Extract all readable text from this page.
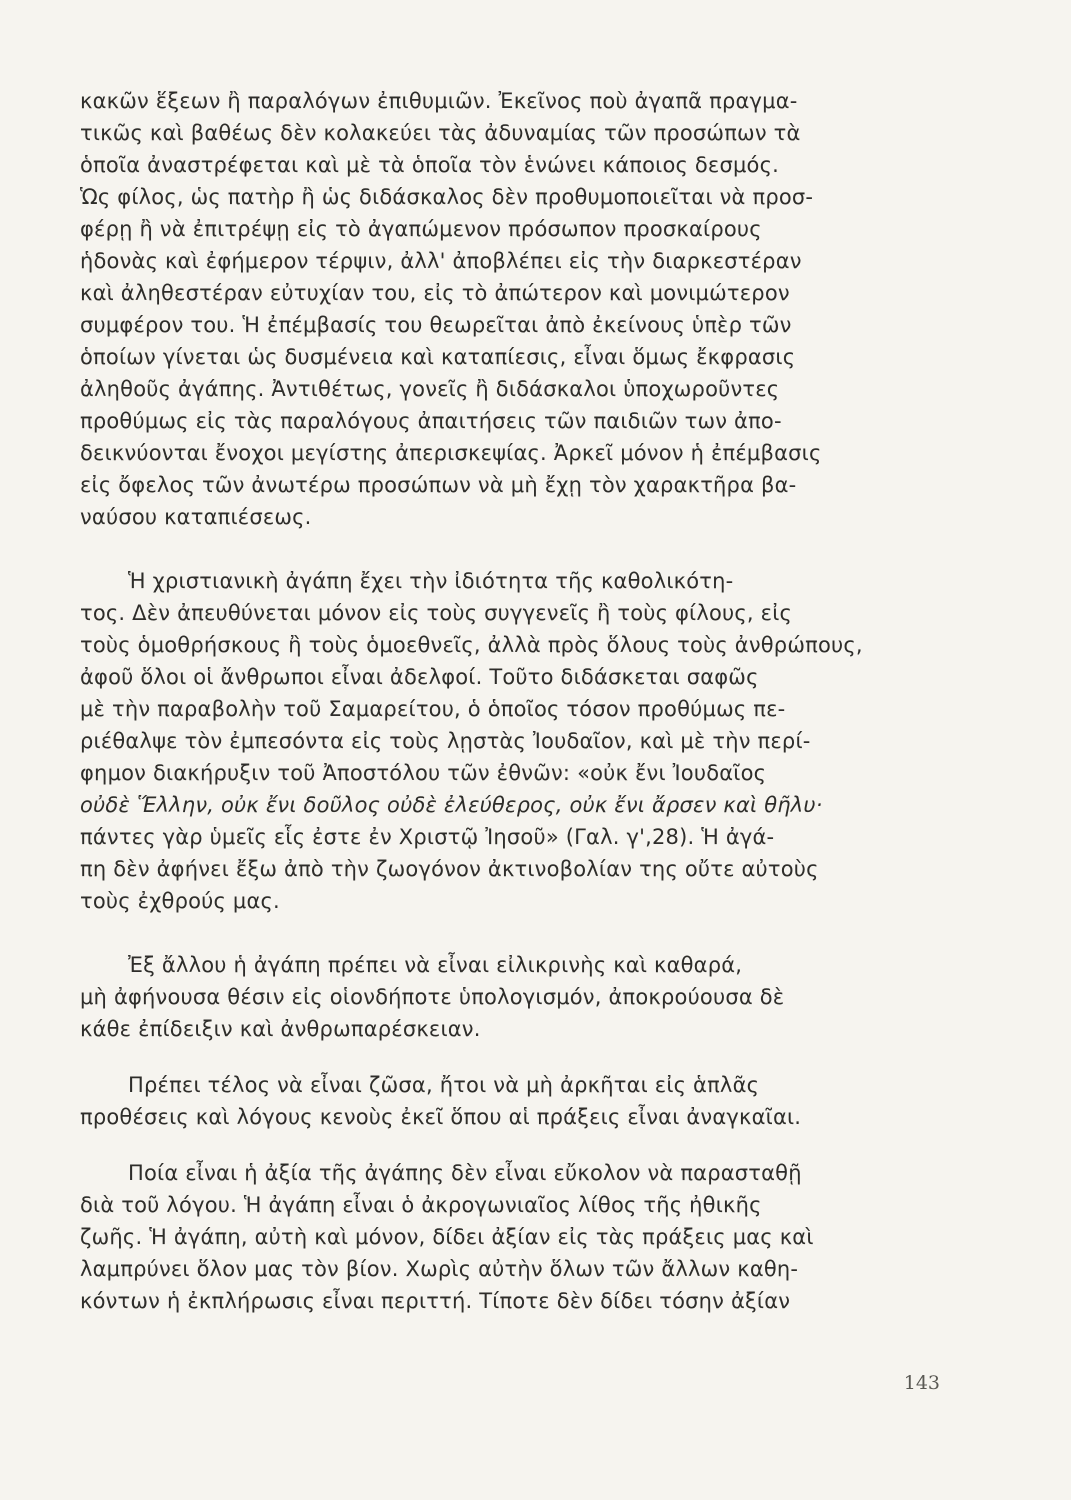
κακῶν ἕξεων ἢ παραλόγων ἐπιθυμιῶν. Ἐκεῖνος ποὺ ἀγαπᾶ πραγμα-
τικῶς καὶ βαθέως δὲν κολακεύει τὰς ἀδυναμίας τῶν προσώπων τὰ
ὁποῖα ἀναστρέφεται καὶ μὲ τὰ ὁποῖα τὸν ἑνώνει κάποιος δεσμός.
Ὡς φίλος, ὡς πατὴρ ἢ ὡς διδάσκαλος δὲν προθυμοποιεῖται νὰ προσ-
φέρῃ ἢ νὰ ἐπιτρέψῃ εἰς τὸ ἀγαπώμενον πρόσωπον προσκαίρους
ἡδονὰς καὶ ἐφήμερον τέρψιν, ἀλλ' ἀποβλέπει εἰς τὴν διαρκεστέραν
καὶ ἀληθεστέραν εὐτυχίαν του, εἰς τὸ ἀπώτερον καὶ μονιμώτερον
συμφέρον του. Ἡ ἐπέμβασίς του θεωρεῖται ἀπὸ ἐκείνους ὑπὲρ τῶν
ὁποίων γίνεται ὡς δυσμένεια καὶ καταπίεσις, εἶναι ὅμως ἔκφρασις
ἀληθοῦς ἀγάπης. Ἀντιθέτως, γονεῖς ἢ διδάσκαλοι ὑποχωροῦντες
προθύμως εἰς τὰς παραλόγους ἀπαιτήσεις τῶν παιδιῶν των ἀπο-
δεικνύονται ἔνοχοι μεγίστης ἀπερισκεψίας. Ἀρκεῖ μόνον ἡ ἐπέμβασις
εἰς ὄφελος τῶν ἀνωτέρω προσώπων νὰ μὴ ἔχῃ τὸν χαρακτῆρα βα-
ναύσου καταπιέσεως.
Ἡ χριστιανικὴ ἀγάπη ἔχει τὴν ἰδιότητα τῆς καθολικότη-
τος. Δὲν ἀπευθύνεται μόνον εἰς τοὺς συγγενεῖς ἢ τοὺς φίλους, εἰς
τοὺς ὁμοθρήσκους ἢ τοὺς ὁμοεθνεῖς, ἀλλὰ πρὸς ὅλους τοὺς ἀνθρώπους,
ἀφοῦ ὅλοι οἱ ἄνθρωποι εἶναι ἀδελφοί. Τοῦτο διδάσκεται σαφῶς
μὲ τὴν παραβολὴν τοῦ Σαμαρείτου, ὁ ὁποῖος τόσον προθύμως πε-
ριέθαλψε τὸν ἐμπεσόντα εἰς τοὺς λῃστὰς Ἰουδαῖον, καὶ μὲ τὴν περί-
φημον διακήρυξιν τοῦ Ἀποστόλου τῶν ἐθνῶν: «οὐκ ἔνι Ἰουδαῖος
οὐδὲ Ἕλλην, οὐκ ἔνι δοῦλος οὐδὲ ἐλεύθερος, οὐκ ἔνι ἄρσεν καὶ θῆλυ·
πάντες γὰρ ὑμεῖς εἷς ἐστε ἐν Χριστῷ Ἰησοῦ» (Γαλ. γ',28). Ἡ ἀγά-
πη δὲν ἀφήνει ἔξω ἀπὸ τὴν ζωογόνον ἀκτινοβολίαν της οὔτε αὐτοὺς
τοὺς ἐχθρούς μας.
Ἐξ ἄλλου ἡ ἀγάπη πρέπει νὰ εἶναι εἰλικρινὴς καὶ καθαρά,
μὴ ἀφήνουσα θέσιν εἰς οἱονδήποτε ὑπολογισμόν, ἀποκρούουσα δὲ
κάθε ἐπίδειξιν καὶ ἀνθρωπαρέσκειαν.
Πρέπει τέλος νὰ εἶναι ζῶσα, ἤτοι νὰ μὴ ἀρκῆται εἰς ἁπλᾶς
προθέσεις καὶ λόγους κενοὺς ἐκεῖ ὅπου αἱ πράξεις εἶναι ἀναγκαῖαι.
Ποία εἶναι ἡ ἀξία τῆς ἀγάπης δὲν εἶναι εὔκολον νὰ παρασταθῇ
διὰ τοῦ λόγου. Ἡ ἀγάπη εἶναι ὁ ἀκρογωνιαῖος λίθος τῆς ἠθικῆς
ζωῆς. Ἡ ἀγάπη, αὐτὴ καὶ μόνον, δίδει ἀξίαν εἰς τὰς πράξεις μας καὶ
λαμπρύνει ὅλον μας τὸν βίον. Χωρὶς αὐτὴν ὅλων τῶν ἄλλων καθη-
κόντων ἡ ἐκπλήρωσις εἶναι περιττή. Τίποτε δὲν δίδει τόσην ἀξίαν
143
